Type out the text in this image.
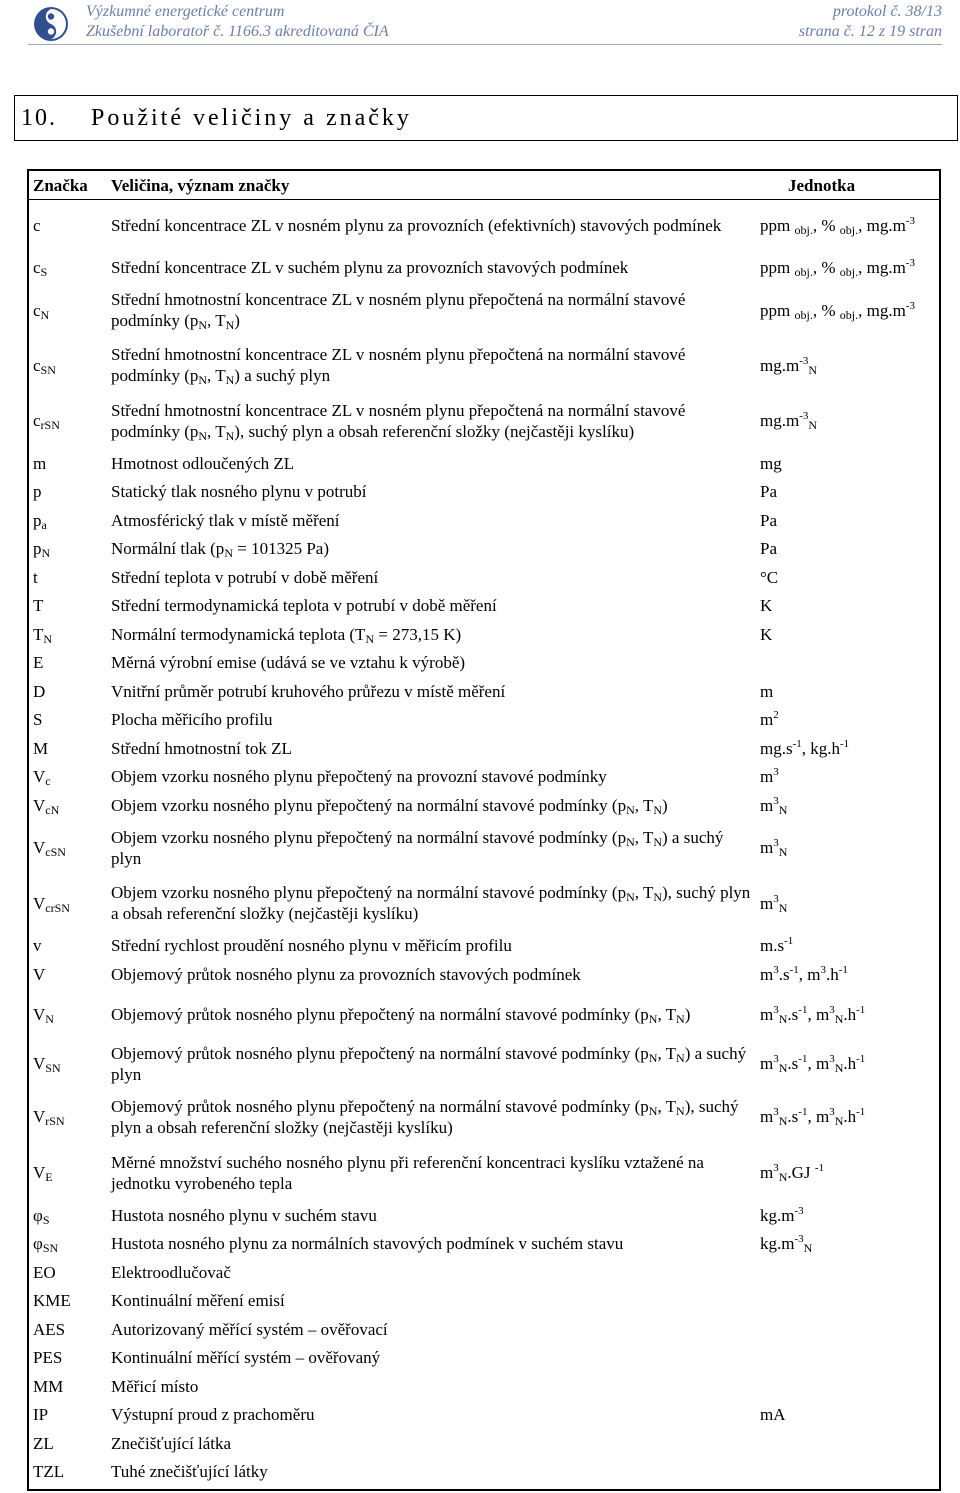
Výzkumné energetické centrum
Zkušební laboratoř č. 1166.3 akreditovaná ČIA
protokol č. 38/13
strana č. 12 z 19 stran
10. Použité veličiny a značky
Značka	Veličina, význam značky	Jednotka
c	Střední koncentrace ZL v nosném plynu za provozních (efektivních) stavových podmínek	ppm $_{obj.}$, % $_{obj.}$, $mg.m^{-3}$
$c_S$	Střední koncentrace ZL v suchém plynu za provozních stavových podmínek	ppm $_{obj.}$, % $_{obj.}$, $mg.m^{-3}$
$c_N$	Střední hmotnostní koncentrace ZL v nosném plynu přepočtená na normální stavové podmínky ($p_N$, $T_N$)	ppm $_{obj.}$, % $_{obj.}$, $mg.m^{-3}$
$c_{SN}$	Střední hmotnostní koncentrace ZL v nosném plynu přepočtená na normální stavové podmínky ($p_N$, $T_N$) a suchý plyn	$mg.m^{-3}_N$
$c_{rSN}$	Střední hmotnostní koncentrace ZL v nosném plynu přepočtená na normální stavové podmínky ($p_N$, $T_N$), suchý plyn a obsah referenční složky (nejčastěji kyslíku)	$mg.m^{-3}_N$
m	Hmotnost odloučených ZL	mg
p	Statický tlak nosného plynu v potrubí	Pa
$p_a$	Atmosférický tlak v místě měření	Pa
$p_N$	Normální tlak ($p_N = 101325$ Pa)	Pa
t	Střední teplota v potrubí v době měření	°C
T	Střední termodynamická teplota v potrubí v době měření	K
$T_N$	Normální termodynamická teplota ($T_N = 273,15$ K)	K
E	Měrná výrobní emise (udává se ve vztahu k výrobě)	
D	Vnitřní průměr potrubí kruhového průřezu v místě měření	m
S	Plocha měřicího profilu	$m^2$
M	Střední hmotnostní tok ZL	$mg.s^{-1}$, $kg.h^{-1}$
$V_c$	Objem vzorku nosného plynu přepočtený na provozní stavové podmínky	$m^3$
$V_{cN}$	Objem vzorku nosného plynu přepočtený na normální stavové podmínky ($p_N$, $T_N$)	$m^3_N$
$V_{cSN}$	Objem vzorku nosného plynu přepočtený na normální stavové podmínky ($p_N$, $T_N$) a suchý plyn	$m^3_N$
$V_{crSN}$	Objem vzorku nosného plynu přepočtený na normální stavové podmínky ($p_N$, $T_N$), suchý plyn a obsah referenční složky (nejčastěji kyslíku)	$m^3_N$
v	Střední rychlost proudění nosného plynu v měřicím profilu	$m.s^{-1}$
V	Objemový průtok nosného plynu za provozních stavových podmínek	$m^3.s^{-1}$, $m^3.h^{-1}$
$V_N$	Objemový průtok nosného plynu přepočtený na normální stavové podmínky ($p_N$, $T_N$)	$m^3_N.s^{-1}$, $m^3_N.h^{-1}$
$V_{SN}$	Objemový průtok nosného plynu přepočtený na normální stavové podmínky ($p_N$, $T_N$) a suchý plyn	$m^3_N.s^{-1}$, $m^3_N.h^{-1}$
$V_{rSN}$	Objemový průtok nosného plynu přepočtený na normální stavové podmínky ($p_N$, $T_N$), suchý plyn a obsah referenční složky (nejčastěji kyslíku)	$m^3_N.s^{-1}$, $m^3_N.h^{-1}$
$V_E$	Měrné množství suchého nosného plynu při referenční koncentraci kyslíku vztažené na jednotku vyrobeného tepla	$m^3_N.GJ$ $^{-1}$
$\varphi_S$	Hustota nosného plynu v suchém stavu	$kg.m^{-3}$
$\varphi_{SN}$	Hustota nosného plynu za normálních stavových podmínek v suchém stavu	$kg.m^{-3}_N$
EO	Elektroodlučovač	
KME	Kontinuální měření emisí	
AES	Autorizovaný měřící systém – ověřovací	
PES	Kontinuální měřící systém – ověřovaný	
MM	Měřicí místo	
IP	Výstupní proud z prachoměru	mA
ZL	Znečišťující látka	
TZL	Tuhé znečišťující látky	
